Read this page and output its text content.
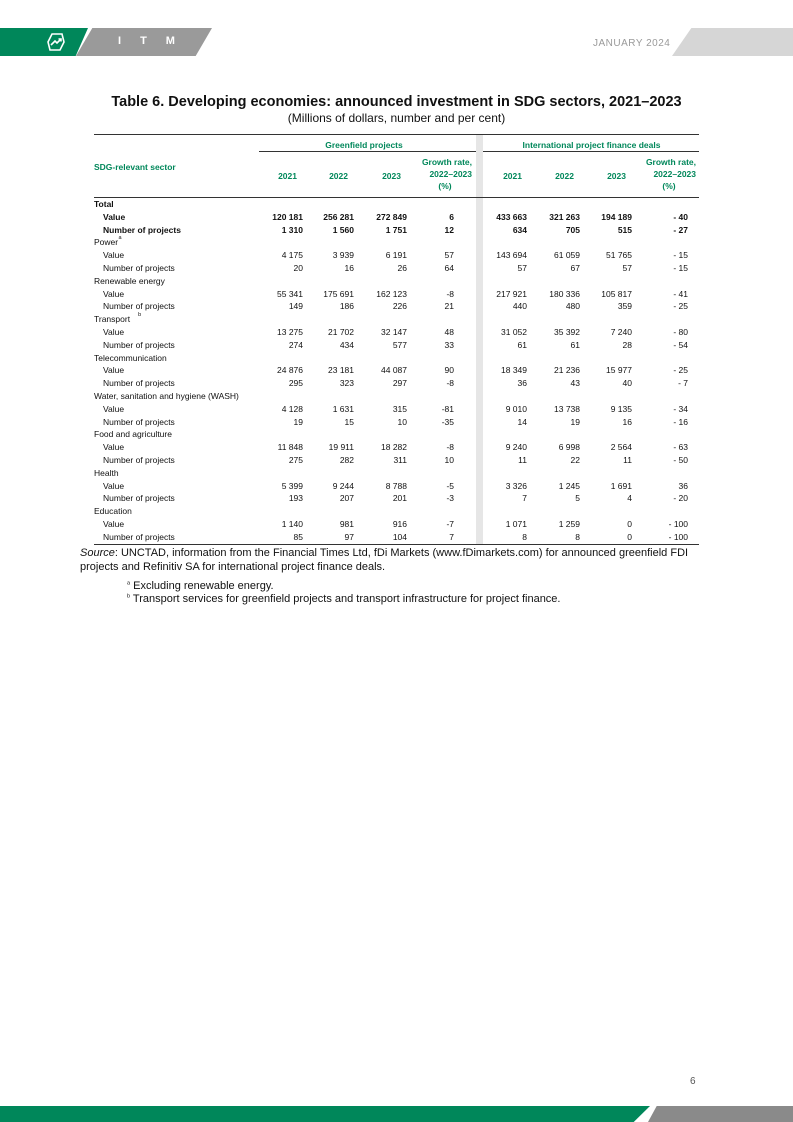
I T M	JANUARY 2024
Table 6. Developing economies: announced investment in SDG sectors, 2021–2023
(Millions of dollars, number and per cent)
Greenfield projects	International project finance deals
SDG-relevant sector
2021	2022	2023
Growth rate,
2022–2023
(%)
2021	2022	2023
Growth rate,
2022–2023
(%)
Total
Value	120 181	256 281	272 849	6	433 663	321 263	194 189	- 40
Number of projects	1 310	1 560	1 751	12	634	705	515	- 27
Power a
Value	4 175	3 939	6 191	57	143 694	61 059	51 765	- 15
Number of projects	20	16	26	64	57	67	57	- 15
Renewable energy
Value	55 341	175 691	162 123	-8	217 921	180 336	105 817	- 41
Number of projects	149	186	226	21	440	480	359	- 25
Transport b
Value	13 275	21 702	32 147	48	31 052	35 392	7 240	- 80
Number of projects	274	434	577	33	61	61	28	- 54
Telecommunication
Value	24 876	23 181	44 087	90	18 349	21 236	15 977	- 25
Number of projects	295	323	297	-8	36	43	40	- 7
Water, sanitation and hygiene (WASH)
Value	4 128	1 631	315	-81	9 010	13 738	9 135	- 34
Number of projects	19	15	10	-35	14	19	16	- 16
Food and agriculture
Value	11 848	19 911	18 282	-8	9 240	6 998	2 564	- 63
Number of projects	275	282	311	10	11	22	11	- 50
Health
Value	5 399	9 244	8 788	-5	3 326	1 245	1 691	36
Number of projects	193	207	201	-3	7	5	4	- 20
Education
Value	1 140	981	916	-7	1 071	1 259	0	- 100
Number of projects	85	97	104	7	8	8	0	- 100
Source: UNCTAD, information from the Financial Times Ltd, fDi Markets (www.fDimarkets.com) for announced greenfield FDI projects and Refinitiv SA for international project finance deals.
$^a$ Excluding renewable energy.
$^b$ Transport services for greenfield projects and transport infrastructure for project finance.
6
